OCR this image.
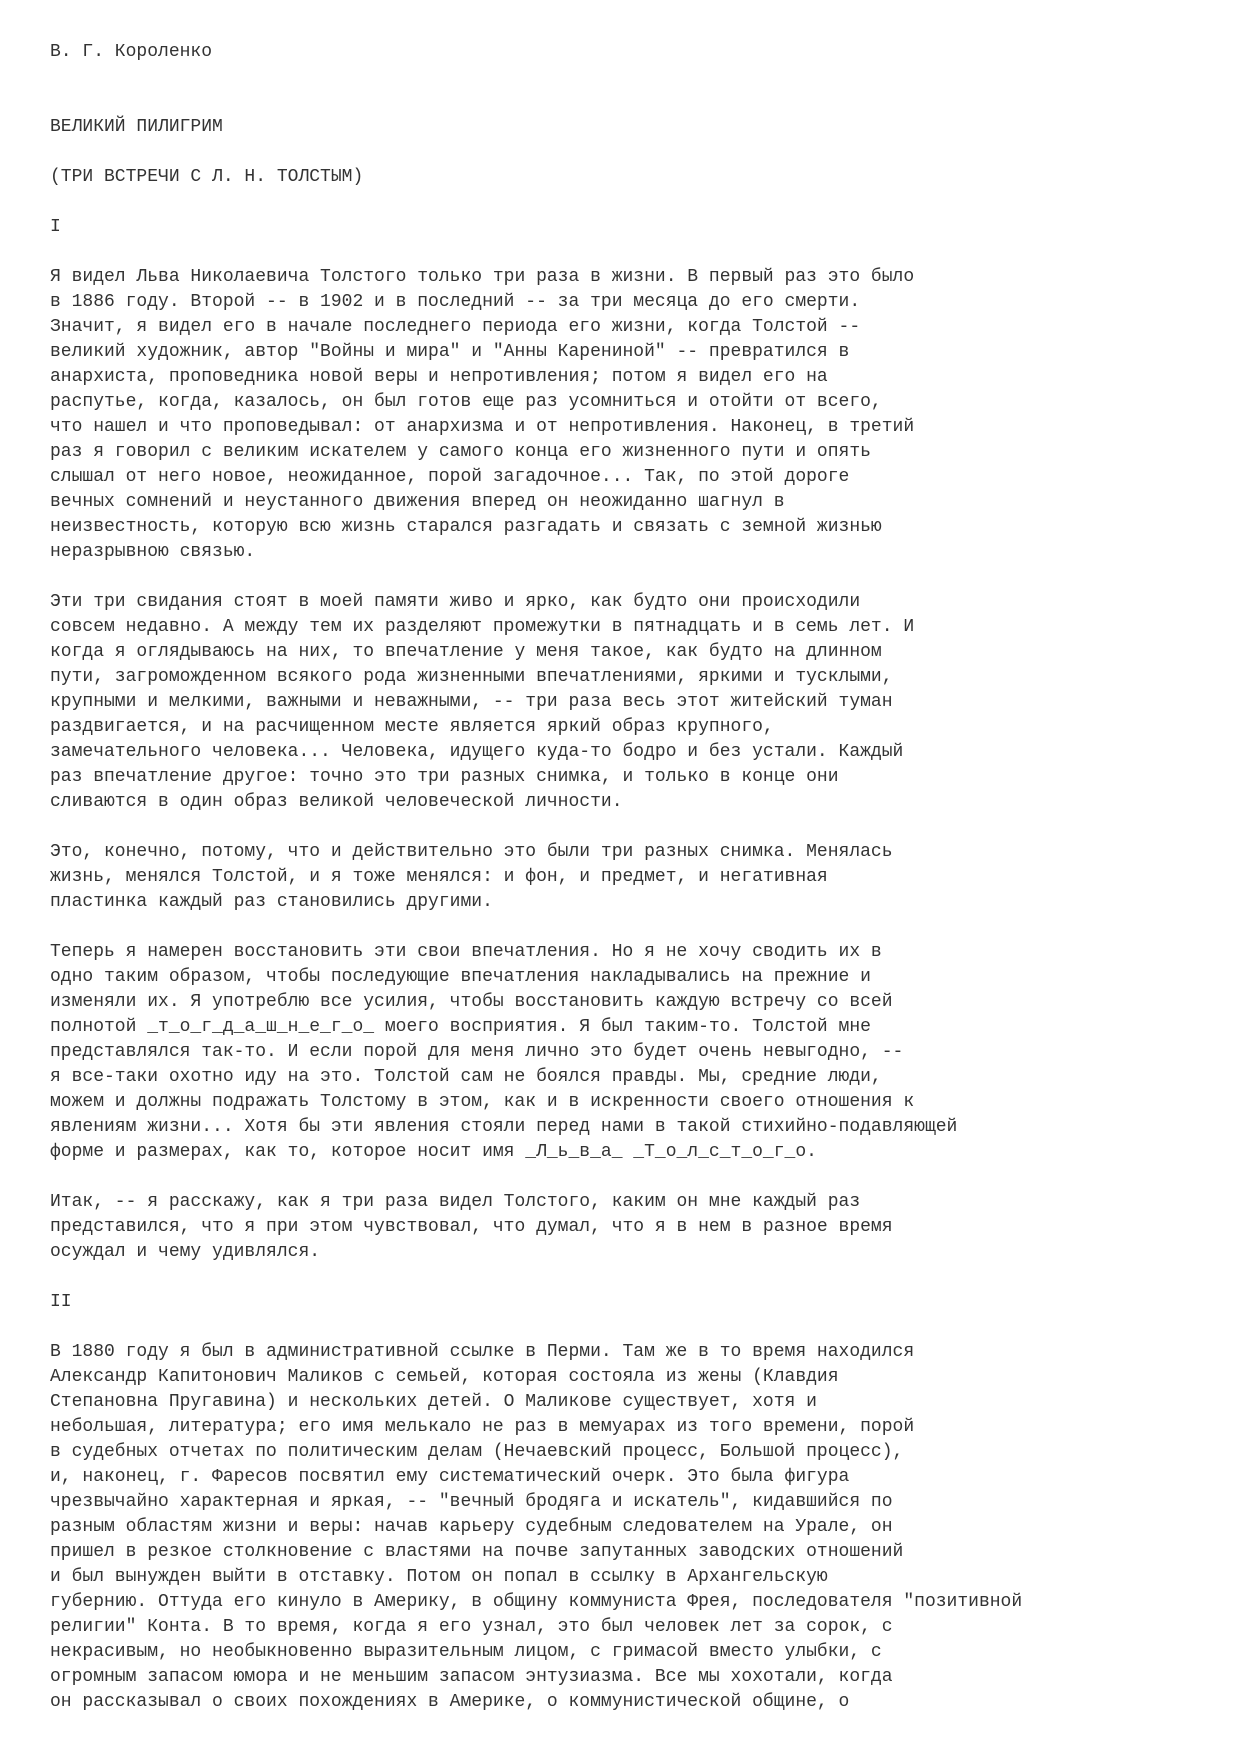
В. Г. Короленко
ВЕЛИКИЙ ПИЛИГРИМ
(ТРИ ВСТРЕЧИ С Л. Н. ТОЛСТЫМ)
I
Я видел Льва Николаевича Толстого только три раза в жизни. В первый раз это было
в 1886 году. Второй -- в 1902 и в последний -- за три месяца до его смерти.
Значит, я видел его в начале последнего периода его жизни, когда Толстой --
великий художник, автор "Войны и мира" и "Анны Карениной" -- превратился в
анархиста, проповедника новой веры и непротивления; потом я видел его на
распутье, когда, казалось, он был готов еще раз усомниться и отойти от всего,
что нашел и что проповедывал: от анархизма и от непротивления. Наконец, в третий
раз я говорил с великим искателем у самого конца его жизненного пути и опять
слышал от него новое, неожиданное, порой загадочное... Так, по этой дороге
вечных сомнений и неустанного движения вперед он неожиданно шагнул в
неизвестность, которую всю жизнь старался разгадать и связать с земной жизнью
неразрывною связью.
Эти три свидания стоят в моей памяти живо и ярко, как будто они происходили
совсем недавно. А между тем их разделяют промежутки в пятнадцать и в семь лет. И
когда я оглядываюсь на них, то впечатление у меня такое, как будто на длинном
пути, загроможденном всякого рода жизненными впечатлениями, яркими и тусклыми,
крупными и мелкими, важными и неважными, -- три раза весь этот житейский туман
раздвигается, и на расчищенном месте является яркий образ крупного,
замечательного человека... Человека, идущего куда-то бодро и без устали. Каждый
раз впечатление другое: точно это три разных снимка, и только в конце они
сливаются в один образ великой человеческой личности.
Это, конечно, потому, что и действительно это были три разных снимка. Менялась
жизнь, менялся Толстой, и я тоже менялся: и фон, и предмет, и негативная
пластинка каждый раз становились другими.
Теперь я намерен восстановить эти свои впечатления. Но я не хочу сводить их в
одно таким образом, чтобы последующие впечатления накладывались на прежние и
изменяли их. Я употреблю все усилия, чтобы восстановить каждую встречу со всей
полнотой _т_о_г_д_а_ш_н_е_г_о_ моего восприятия. Я был таким-то. Толстой мне
представлялся так-то. И если порой для меня лично это будет очень невыгодно, --
я все-таки охотно иду на это. Толстой сам не боялся правды. Мы, средние люди,
можем и должны подражать Толстому в этом, как и в искренности своего отношения к
явлениям жизни... Хотя бы эти явления стояли перед нами в такой стихийно-подавляющей
форме и размерах, как то, которое носит имя _Л_ь_в_а_ _Т_о_л_с_т_о_г_о.
Итак, -- я расскажу, как я три раза видел Толстого, каким он мне каждый раз
представился, что я при этом чувствовал, что думал, что я в нем в разное время
осуждал и чему удивлялся.
II
В 1880 году я был в административной ссылке в Перми. Там же в то время находился
Александр Капитонович Маликов с семьей, которая состояла из жены (Клавдия
Степановна Пругавина) и нескольких детей. О Маликове существует, хотя и
небольшая, литература; его имя мелькало не раз в мемуарах из того времени, порой
в судебных отчетах по политическим делам (Нечаевский процесс, Большой процесс),
и, наконец, г. Фаресов посвятил ему систематический очерк. Это была фигура
чрезвычайно характерная и яркая, -- "вечный бродяга и искатель", кидавшийся по
разным областям жизни и веры: начав карьеру судебным следователем на Урале, он
пришел в резкое столкновение с властями на почве запутанных заводских отношений
и был вынужден выйти в отставку. Потом он попал в ссылку в Архангельскую
губернию. Оттуда его кинуло в Америку, в общину коммуниста Фрея, последователя "позитивной
религии" Конта. В то время, когда я его узнал, это был человек лет за сорок, с
некрасивым, но необыкновенно выразительным лицом, с гримасой вместо улыбки, с
огромным запасом юмора и не меньшим запасом энтузиазма. Все мы хохотали, когда
он рассказывал о своих похождениях в Америке, о коммунистической общине, о
